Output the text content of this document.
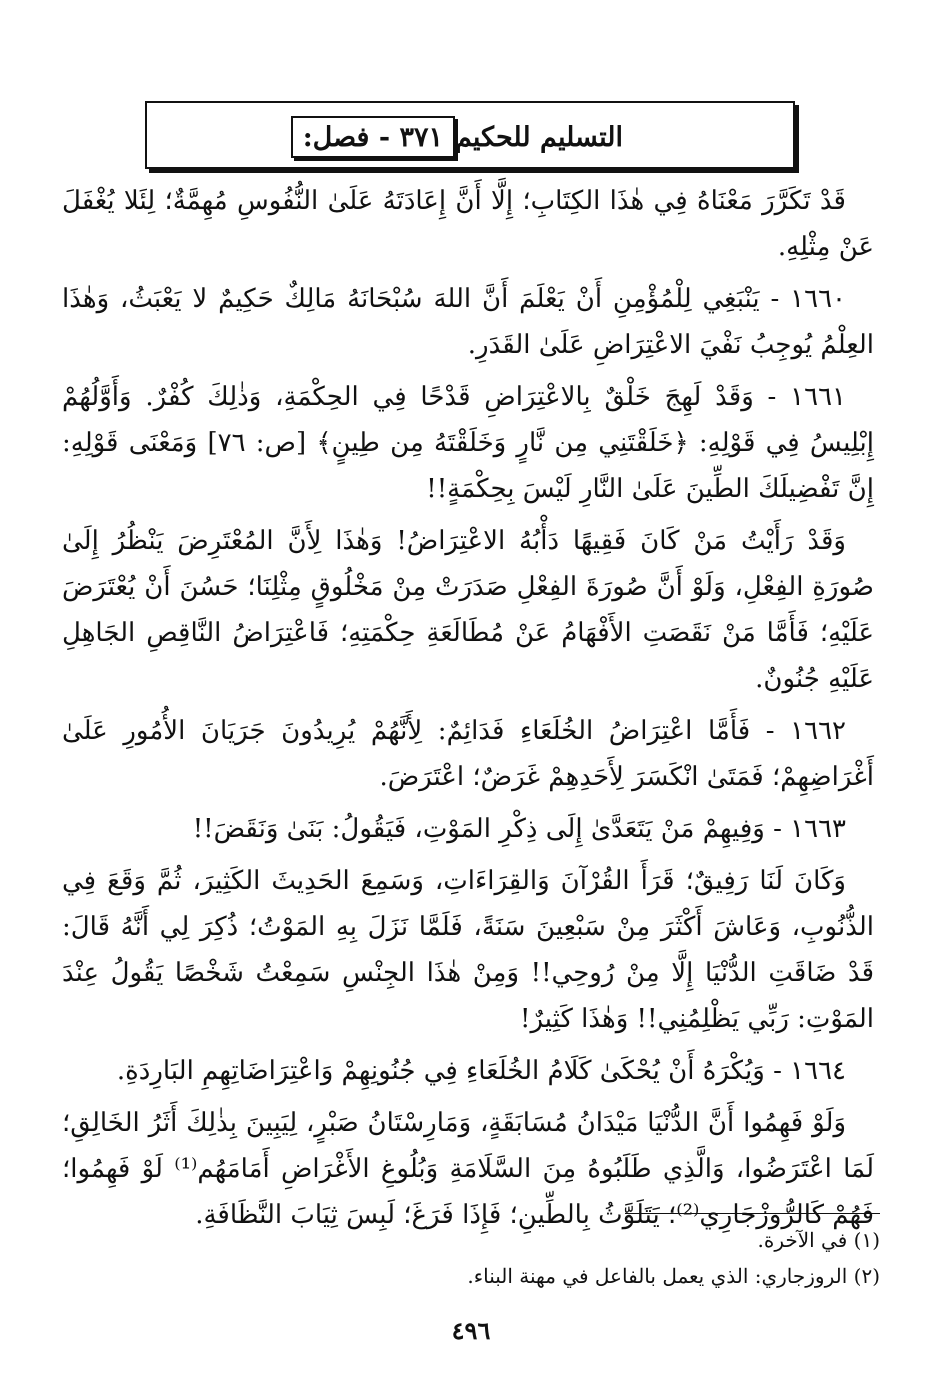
٣٧١ - فصل: التسليم للحكيم

قَدْ تَكَرَّرَ مَعْنَاهُ فِي هٰذَا الكِتَابِ؛ إِلَّا أَنَّ إِعَادَتَهُ عَلَىٰ النُّفُوسِ مُهِمَّةٌ؛ لِئَلا يُغْفَلَ عَنْ مِثْلِهِ.

١٦٦٠ - يَنْبَغِي لِلْمُؤْمِنِ أَنْ يَعْلَمَ أَنَّ اللهَ سُبْحَانَهُ مَالِكٌ حَكِيمٌ لا يَعْبَثُ، وَهٰذَا العِلْمُ يُوجِبُ نَفْيَ الاعْتِرَاضِ عَلَىٰ القَدَرِ.

١٦٦١ - وَقَدْ لَهِجَ خَلْقٌ بِالاعْتِرَاضِ قَدْحًا فِي الحِكْمَةِ، وَذٰلِكَ كُفْرٌ. وَأَوَّلُهُمْ إِبْلِيسُ فِي قَوْلِهِ: ﴿خَلَقْتَنِي مِن نَّارٍ وَخَلَقْتَهُ مِن طِينٍ﴾ [ص: ٧٦] وَمَعْنَى قَوْلِهِ: إِنَّ تَفْضِيلَكَ الطِّينَ عَلَىٰ النَّارِ لَيْسَ بِحِكْمَةٍ!!

وَقَدْ رَأَيْتُ مَنْ كَانَ فَقِيهًا دَأْبُهُ الاعْتِرَاضُ! وَهٰذَا لِأَنَّ المُعْتَرِضَ يَنْظُرُ إِلَىٰ صُورَةِ الفِعْلِ، وَلَوْ أَنَّ صُورَةَ الفِعْلِ صَدَرَتْ مِنْ مَخْلُوقٍ مِثْلِنَا؛ حَسُنَ أَنْ يُعْتَرَضَ عَلَيْهِ؛ فَأَمَّا مَنْ نَقَصَتِ الأَفْهَامُ عَنْ مُطَالَعَةِ حِكْمَتِهِ؛ فَاعْتِرَاضُ النَّاقِصِ الجَاهِلِ عَلَيْهِ جُنُونٌ.

١٦٦٢ - فَأَمَّا اعْتِرَاضُ الخُلَعَاءِ فَدَائِمٌ: لِأَنَّهُمْ يُرِيدُونَ جَرَيَانَ الأُمُورِ عَلَىٰ أَغْرَاضِهِمْ؛ فَمَتَىٰ انْكَسَرَ لِأَحَدِهِمْ غَرَضٌ؛ اعْتَرَضَ.

١٦٦٣ - وَفِيهِمْ مَنْ يَتَعَدَّىٰ إِلَى ذِكْرِ المَوْتِ، فَيَقُولُ: بَنَىٰ وَنَقَضَ!!

وَكَانَ لَنَا رَفِيقٌ؛ قَرَأَ القُرْآنَ وَالقِرَاءَاتِ، وَسَمِعَ الحَدِيثَ الكَثِيرَ، ثُمَّ وَقَعَ فِي الذُّنُوبِ، وَعَاشَ أَكْثَرَ مِنْ سَبْعِينَ سَنَةً، فَلَمَّا نَزَلَ بِهِ المَوْتُ؛ ذُكِرَ لِي أَنَّهُ قَالَ: قَدْ ضَاقَتِ الدُّنْيَا إِلَّا مِنْ رُوحِي!! وَمِنْ هٰذَا الجِنْسِ سَمِعْتُ شَخْصًا يَقُولُ عِنْدَ المَوْتِ: رَبِّي يَظْلِمُنِي!! وَهٰذَا كَثِيرٌ!

١٦٦٤ - وَيُكْرَهُ أَنْ يُحْكَىٰ كَلَامُ الخُلَعَاءِ فِي جُنُونِهِمْ وَاعْتِرَاضَاتِهِمِ البَارِدَةِ.

وَلَوْ فَهِمُوا أَنَّ الدُّنْيَا مَيْدَانُ مُسَابَقَةٍ، وَمَارِسْتَانُ صَبْرٍ، لِيَبِينَ بِذٰلِكَ أَثَرُ الخَالِقِ؛ لَمَا اعْتَرَضُوا، وَالَّذِي طَلَبُوهُ مِنَ السَّلَامَةِ وَبُلُوغِ الأَغْرَاضِ أَمَامَهُم⁽¹⁾ لَوْ فَهِمُوا؛ فَهُمْ كَالرُّوزْجَارِي⁽²⁾؛ يَتَلَوَّثُ بِالطِّينِ؛ فَإِذَا فَرَغَ؛ لَبِسَ ثِيَابَ النَّظَافَةِ.

(١) في الآخرة.
(٢) الروزجاري: الذي يعمل بالفاعل في مهنة البناء.
٤٩٦
